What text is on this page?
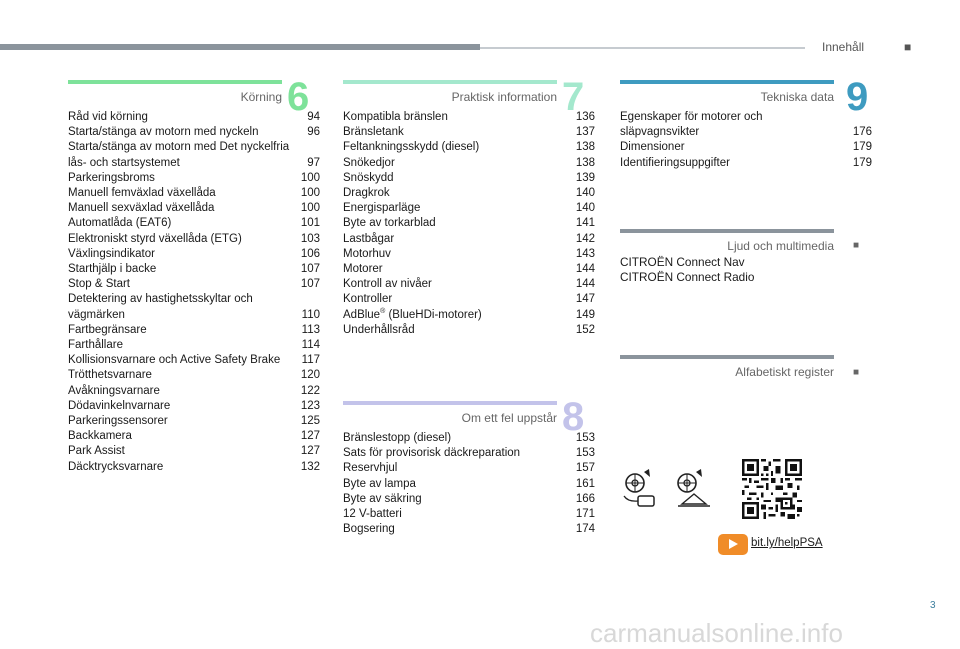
Innehåll	■
Körning 6
Råd vid körning	94
Starta/stänga av motorn med nyckeln	96
Starta/stänga av motorn med Det nyckelfria lås- och startsystemet	97
Parkeringsbroms	100
Manuell femväxlad växellåda	100
Manuell sexväxlad växellåda	100
Automatlåda (EAT6)	101
Elektroniskt styrd växellåda (ETG)	103
Växlingsindikator	106
Starthjälp i backe	107
Stop & Start	107
Detektering av hastighetsskyltar och vägmärken	110
Fartbegränsare	113
Farthållare	114
Kollisionsvarnare och Active Safety Brake	117
Trötthetsvarnare	120
Avåkningsvarnare	122
Dödavinkelnvarnare	123
Parkeringssensorer	125
Backkamera	127
Park Assist	127
Däcktrycksvarnare	132
Praktisk information 7
Kompatibla bränslen	136
Bränsletank	137
Feltankningsskydd (diesel)	138
Snökedjor	138
Snöskydd	139
Dragkrok	140
Energisparläge	140
Byte av torkarblad	141
Lastbågar	142
Motorhuv	143
Motorer	144
Kontroll av nivåer	144
Kontroller	147
AdBlue® (BlueHDi-motorer)	149
Underhållsråd	152
Om ett fel uppstår 8
Bränslestopp (diesel)	153
Sats för provisorisk däckreparation	153
Reservhjul	157
Byte av lampa	161
Byte av säkring	166
12 V-batteri	171
Bogsering	174
Tekniska data 9
Egenskaper för motorer och släpvagnsvikter	176
Dimensioner	179
Identifieringsuppgifter	179
Ljud och multimedia ■
CITROËN Connect Nav
CITROËN Connect Radio
Alfabetiskt register ■
bit.ly/helpPSA
3
carmanualsonline.info
